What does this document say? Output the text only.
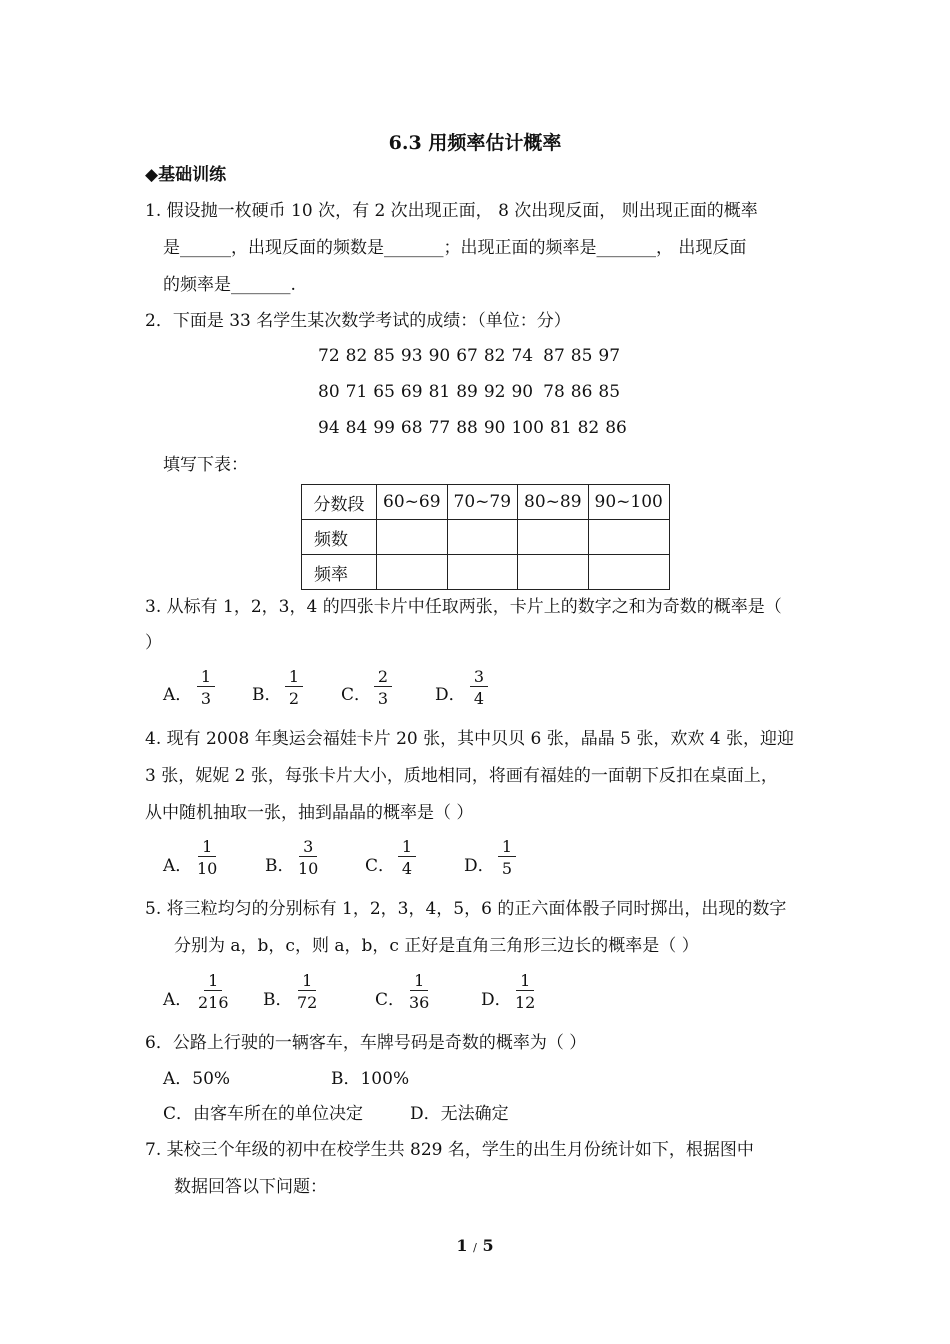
6.3 用频率估计概率
◆基础训练
1. 假设抛一枚硬币 10 次，有 2 次出现正面， 8 次出现反面， 则出现正面的概率
是______，出现反面的频数是_______；出现正面的频率是_______， 出现反面
的频率是_______.
2．下面是 33 名学生某次数学考试的成绩：（单位：分）
72 82 85 93 90 67 82 74 87 85 97
80 71 65 69 81 89 92 90 78 86 85
94 84 99 68 77 88 90 100 81 82 86
填写下表：
分数段	60~69	70~79	80~89	90~100
频数				
频率				
3. 从标有 1，2，3，4 的四张卡片中任取两张，卡片上的数字之和为奇数的概率是（
）
A． $\frac{1}{3}$ B． $\frac{1}{2}$ C． $\frac{2}{3}$	D． $\frac{3}{4}$
4. 现有 2008 年奥运会福娃卡片 20 张，其中贝贝 6 张，晶晶 5 张，欢欢 4 张，迎迎
3 张，妮妮 2 张，每张卡片大小，质地相同，将画有福娃的一面朝下反扣在桌面上，
从中随机抽取一张，抽到晶晶的概率是（ ）
A． $\frac{1}{10}$	B． $\frac{3}{10}$	C． $\frac{1}{4}$	D． $\frac{1}{5}$
5. 将三粒均匀的分别标有 1，2，3，4，5，6 的正六面体骰子同时掷出，出现的数字
分别为 a，b，c，则 a，b，c 正好是直角三角形三边长的概率是（ ）
A． $\frac{1}{216}$ B． $\frac{1}{72}$	C． $\frac{1}{36}$	D． $\frac{1}{12}$
6．公路上行驶的一辆客车，车牌号码是奇数的概率为（ ）
A．50%	B．100%
C．由客车所在的单位决定	D．无法确定
7. 某校三个年级的初中在校学生共 829 名，学生的出生月份统计如下，根据图中
数据回答以下问题：
1 / 5
